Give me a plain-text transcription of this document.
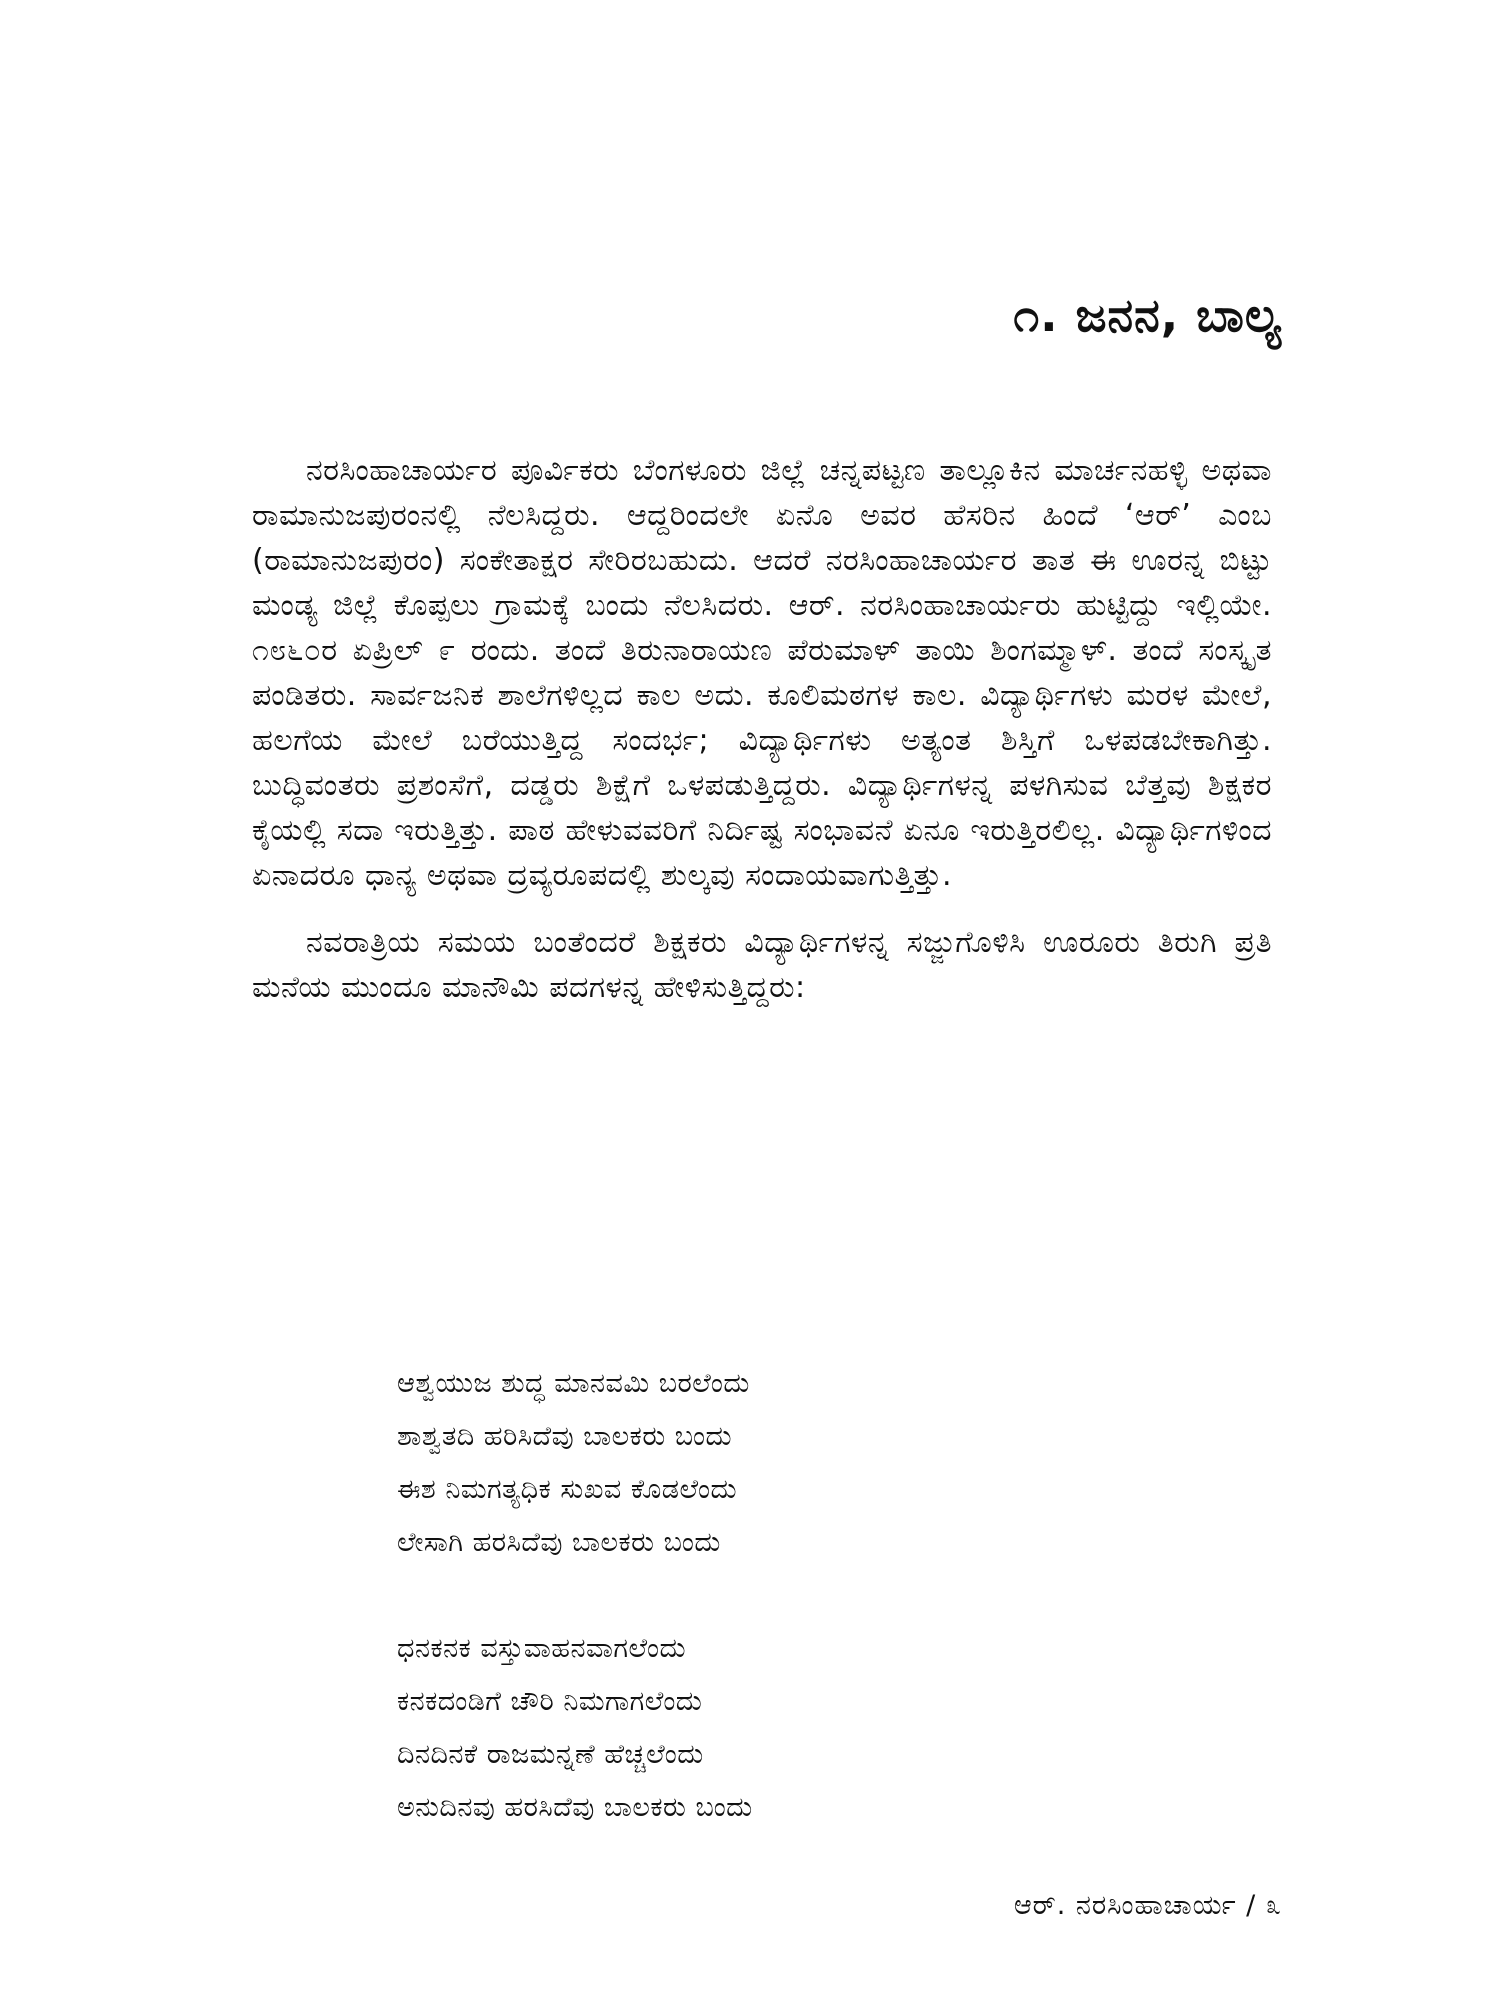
೧. ಜನನ, ಬಾಲ್ಯ

ನರಸಿಂಹಾಚಾರ್ಯರ ಪೂರ್ವಿಕರು ಬೆಂಗಳೂರು ಜಿಲ್ಲೆ ಚನ್ನಪಟ್ಟಣ ತಾಲ್ಲೂಕಿನ ಮಾರ್ಚನಹಳ್ಳಿ ಅಥವಾ ರಾಮಾನುಜಪುರಂನಲ್ಲಿ ನೆಲಸಿದ್ದರು. ಆದ್ದರಿಂದಲೇ ಏನೊ ಅವರ ಹೆಸರಿನ ಹಿಂದೆ ‘ಆರ್’ ಎಂಬ (ರಾಮಾನುಜಪುರಂ) ಸಂಕೇತಾಕ್ಷರ ಸೇರಿರಬಹುದು. ಆದರೆ ನರಸಿಂಹಾಚಾರ್ಯರ ತಾತ ಈ ಊರನ್ನ ಬಿಟ್ಟು ಮಂಡ್ಯ ಜಿಲ್ಲೆ ಕೊಪ್ಪಲು ಗ್ರಾಮಕ್ಕೆ ಬಂದು ನೆಲಸಿದರು. ಆರ್. ನರಸಿಂಹಾಚಾರ್ಯರು ಹುಟ್ಟಿದ್ದು ಇಲ್ಲಿಯೇ. ೧೮೬೦ರ ಏಪ್ರಿಲ್ ೯ ರಂದು. ತಂದೆ ತಿರುನಾರಾಯಣ ಪೆರುಮಾಳ್ ತಾಯಿ ಶಿಂಗಮ್ಮಾಳ್. ತಂದೆ ಸಂಸ್ಕೃತ ಪಂಡಿತರು. ಸಾರ್ವಜನಿಕ ಶಾಲೆಗಳಿಲ್ಲದ ಕಾಲ ಅದು. ಕೂಲಿಮಠಗಳ ಕಾಲ. ವಿದ್ಯಾರ್ಥಿಗಳು ಮರಳ ಮೇಲೆ, ಹಲಗೆಯ ಮೇಲೆ ಬರೆಯುತ್ತಿದ್ದ ಸಂದರ್ಭ; ವಿದ್ಯಾರ್ಥಿಗಳು ಅತ್ಯಂತ ಶಿಸ್ತಿಗೆ ಒಳಪಡಬೇಕಾಗಿತ್ತು. ಬುದ್ಧಿವಂತರು ಪ್ರಶಂಸೆಗೆ, ದಡ್ಡರು ಶಿಕ್ಷೆಗೆ ಒಳಪಡುತ್ತಿದ್ದರು. ವಿದ್ಯಾರ್ಥಿಗಳನ್ನ ಪಳಗಿಸುವ ಬೆತ್ತವು ಶಿಕ್ಷಕರ ಕೈಯಲ್ಲಿ ಸದಾ ಇರುತ್ತಿತ್ತು. ಪಾಠ ಹೇಳುವವರಿಗೆ ನಿರ್ದಿಷ್ಟ ಸಂಭಾವನೆ ಏನೂ ಇರುತ್ತಿರಲಿಲ್ಲ. ವಿದ್ಯಾರ್ಥಿಗಳಿಂದ ಏನಾದರೂ ಧಾನ್ಯ ಅಥವಾ ದ್ರವ್ಯರೂಪದಲ್ಲಿ ಶುಲ್ಕವು ಸಂದಾಯವಾಗುತ್ತಿತ್ತು.

ನವರಾತ್ರಿಯ ಸಮಯ ಬಂತೆಂದರೆ ಶಿಕ್ಷಕರು ವಿದ್ಯಾರ್ಥಿಗಳನ್ನ ಸಜ್ಜುಗೊಳಿಸಿ ಊರೂರು ತಿರುಗಿ ಪ್ರತಿ ಮನೆಯ ಮುಂದೂ ಮಾನೌಮಿ ಪದಗಳನ್ನ ಹೇಳಿಸುತ್ತಿದ್ದರು:

ಆಶ್ವಯುಜ ಶುದ್ಧ ಮಾನವಮಿ ಬರಲೆಂದು
ಶಾಶ್ವತದಿ ಹರಿಸಿದೆವು ಬಾಲಕರು ಬಂದು
ಈಶ ನಿಮಗತ್ಯಧಿಕ ಸುಖವ ಕೊಡಲೆಂದು
ಲೇಸಾಗಿ ಹರಸಿದೆವು ಬಾಲಕರು ಬಂದು
ಧನಕನಕ ವಸ್ತುವಾಹನವಾಗಲೆಂದು
ಕನಕದಂಡಿಗೆ ಚೌರಿ ನಿಮಗಾಗಲೆಂದು
ದಿನದಿನಕೆ ರಾಜಮನ್ನಣೆ ಹೆಚ್ಚಲೆಂದು
ಅನುದಿನವು ಹರಸಿದೆವು ಬಾಲಕರು ಬಂದು
ಆರ್. ನರಸಿಂಹಾಚಾರ್ಯ / ೩
